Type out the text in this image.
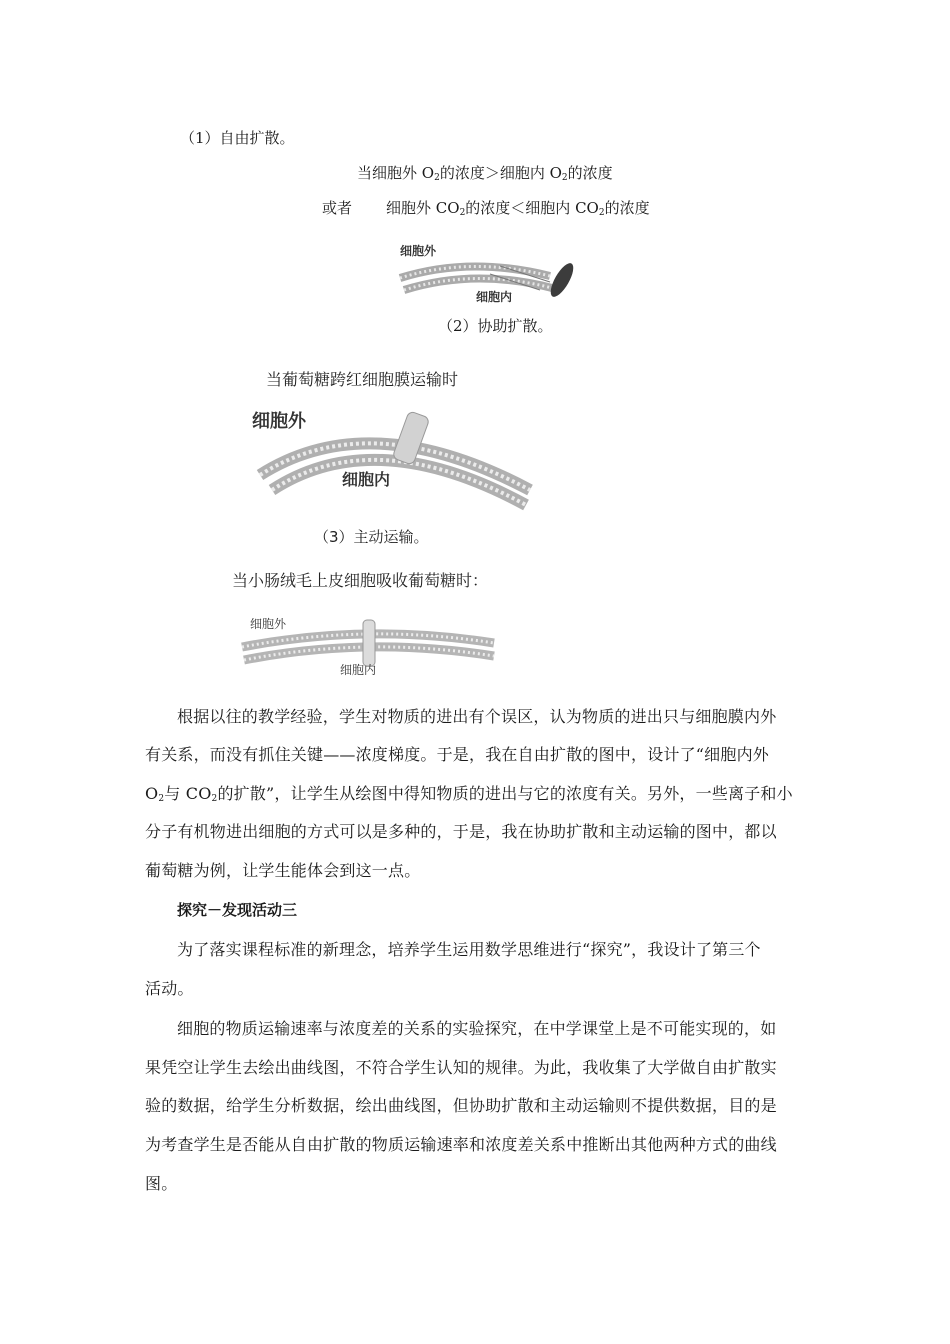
（1）自由扩散。
当细胞外 $O_2$的浓度＞细胞内 $O_2$的浓度
或者 细胞外 $CO_2$的浓度＜细胞内 $CO_2$的浓度
细胞外
细胞内
（2）协助扩散。
当葡萄糖跨红细胞膜运输时
细胞外
细胞内
（3）主动运输。
当小肠绒毛上皮细胞吸收葡萄糖时：
细胞外
细胞内
根据以往的教学经验，学生对物质的进出有个误区，认为物质的进出只与细胞膜内外
有关系，而没有抓住关键——浓度梯度。于是，我在自由扩散的图中，设计了“细胞内外
$O_2$与 $CO_2$的扩散”，让学生从绘图中得知物质的进出与它的浓度有关。另外，一些离子和小
分子有机物进出细胞的方式可以是多种的，于是，我在协助扩散和主动运输的图中，都以
葡萄糖为例，让学生能体会到这一点。
探究－发现活动三
为了落实课程标准的新理念，培养学生运用数学思维进行“探究”，我设计了第三个
活动。
细胞的物质运输速率与浓度差的关系的实验探究，在中学课堂上是不可能实现的，如
果凭空让学生去绘出曲线图，不符合学生认知的规律。为此，我收集了大学做自由扩散实
验的数据，给学生分析数据，绘出曲线图，但协助扩散和主动运输则不提供数据，目的是
为考查学生是否能从自由扩散的物质运输速率和浓度差关系中推断出其他两种方式的曲线
图。
